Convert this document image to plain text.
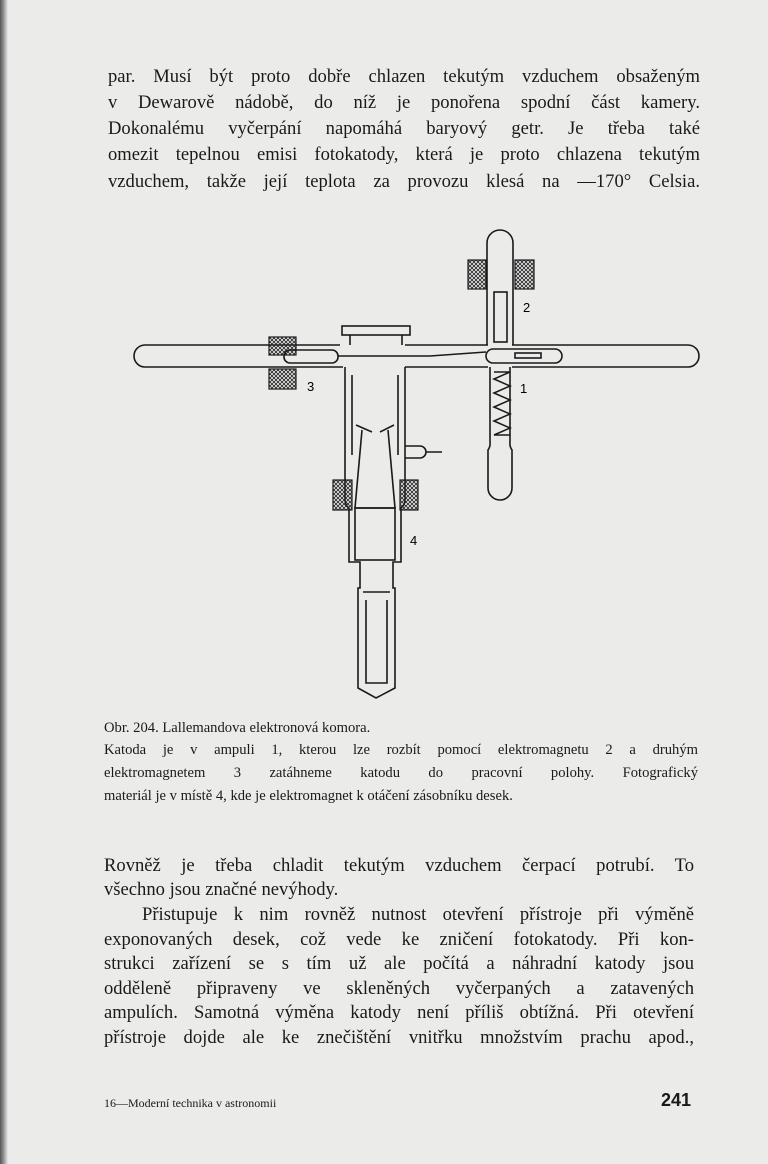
par. Musí být proto dobře chlazen tekutým vzduchem obsaženým
v Dewarově nádobě, do níž je ponořena spodní část kamery.
Dokonalému vyčerpání napomáhá baryový getr. Je třeba také
omezit tepelnou emisi fotokatody, která je proto chlazena tekutým
vzduchem, takže její teplota za provozu klesá na —170° Celsia.
1
2
3
4
Obr. 204. Lallemandova elektronová komora.
Katoda je v ampuli 1, kterou lze rozbít pomocí elektromagnetu 2 a druhým
elektromagnetem 3 zatáhneme katodu do pracovní polohy. Fotografický
materiál je v místě 4, kde je elektromagnet k otáčení zásobníku desek.
Rovněž je třeba chladit tekutým vzduchem čerpací potrubí. To
všechno jsou značné nevýhody.
Přistupuje k nim rovněž nutnost otevření přístroje při výměně
exponovaných desek, což vede ke zničení fotokatody. Při kon-
strukci zařízení se s tím už ale počítá a náhradní katody jsou
odděleně připraveny ve skleněných vyčerpaných a zatavených
ampulích. Samotná výměna katody není příliš obtížná. Při otevření
přístroje dojde ale ke znečištění vnitřku množstvím prachu apod.,
16—Moderní technika v astronomii	241
